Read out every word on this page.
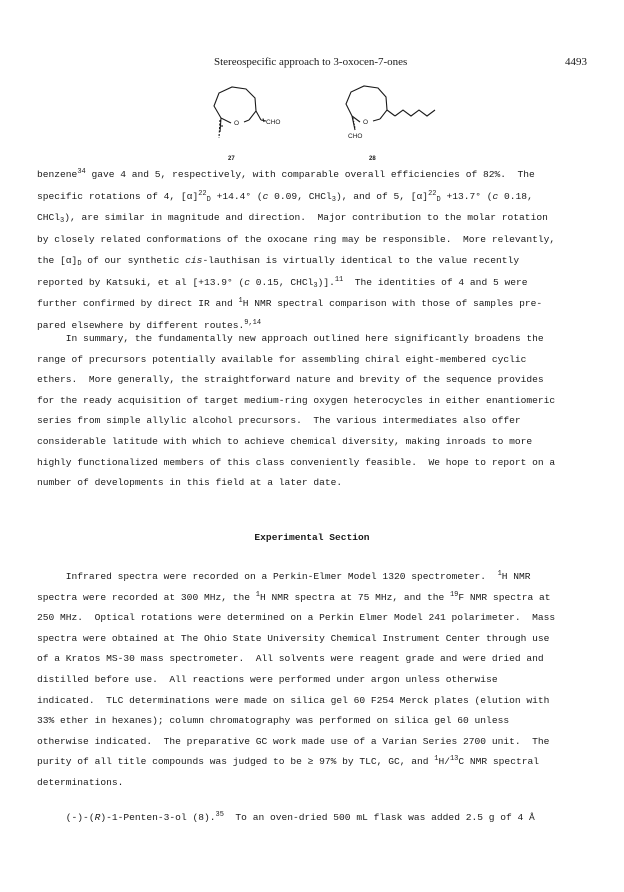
Stereospecific approach to 3-oxocen-7-ones	4493
O	CHO
27
O
CHO
28
benzene$^{34}$ gave 4 and 5, respectively, with comparable overall efficiencies of 82%.  The
specific rotations of 4, $[\alpha]^{22}_D +14.4^\circ$ (c 0.09, CHCl$_3$), and of 5, $[\alpha]^{22}_D +13.7^\circ$ (c 0.18,
CHCl$_3$), are similar in magnitude and direction.  Major contribution to the molar rotation
by closely related conformations of the oxocane ring may be responsible.  More relevantly,
the $[\alpha]_D$ of our synthetic cis-lauthisan is virtually identical to the value recently
reported by Katsuki, et al [+13.9° (c 0.15, CHCl$_3$)].$^{11}$  The identities of 4 and 5 were
further confirmed by direct IR and $^1$H NMR spectral comparison with those of samples pre-
pared elsewhere by different routes.$^{9,14}$
In summary, the fundamentally new approach outlined here significantly broadens the
range of precursors potentially available for assembling chiral eight-membered cyclic
ethers.  More generally, the straightforward nature and brevity of the sequence provides
for the ready acquisition of target medium-ring oxygen heterocycles in either enantiomeric
series from simple allylic alcohol precursors.  The various intermediates also offer
considerable latitude with which to achieve chemical diversity, making inroads to more
highly functionalized members of this class conveniently feasible.  We hope to report on a
number of developments in this field at a later date.
Experimental Section
Infrared spectra were recorded on a Perkin-Elmer Model 1320 spectrometer.  $^1$H NMR
spectra were recorded at 300 MHz, the $^1$H NMR spectra at 75 MHz, and the $^{19}$F NMR spectra at
250 MHz.  Optical rotations were determined on a Perkin Elmer Model 241 polarimeter.  Mass
spectra were obtained at The Ohio State University Chemical Instrument Center through use
of a Kratos MS-30 mass spectrometer.  All solvents were reagent grade and were dried and
distilled before use.  All reactions were performed under argon unless otherwise
indicated.  TLC determinations were made on silica gel 60 F254 Merck plates (elution with
33% ether in hexanes); column chromatography was performed on silica gel 60 unless
otherwise indicated.  The preparative GC work made use of a Varian Series 2700 unit.  The
purity of all title compounds was judged to be ≥ 97% by TLC, GC, and $^1$H/$^{13}$C NMR spectral
determinations.
(-)-(R)-1-Penten-3-ol (8).$^{35}$  To an oven-dried 500 mL flask was added 2.5 g of 4 Å
